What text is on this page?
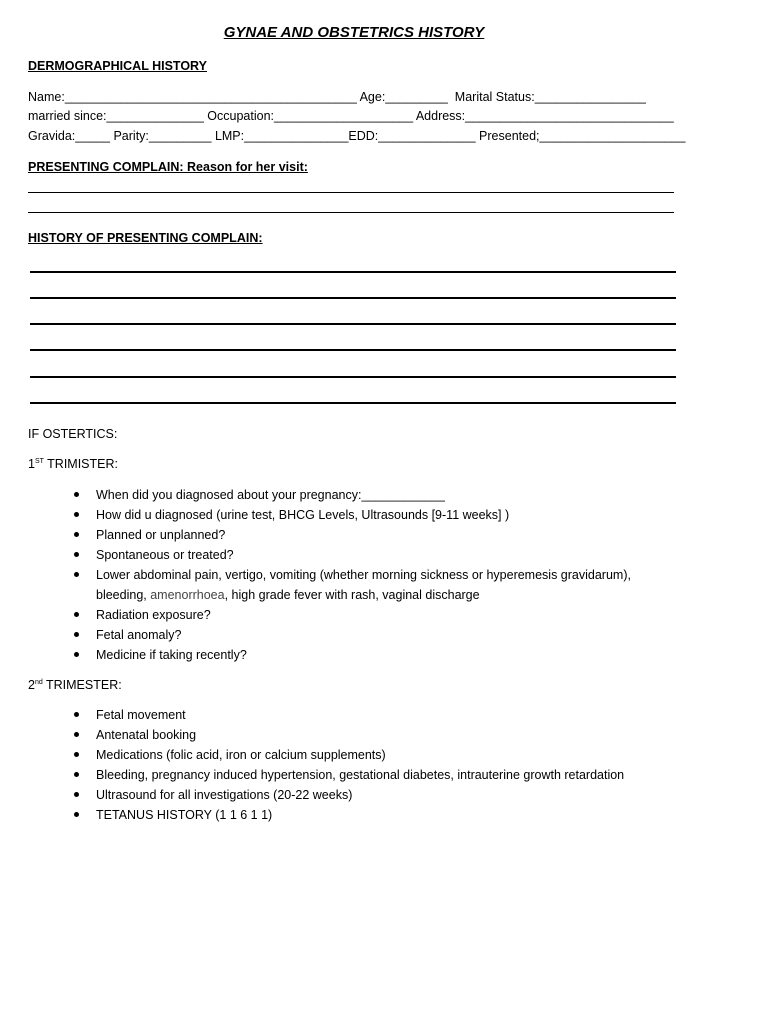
GYNAE AND OBSTETRICS HISTORY
DERMOGRAPHICAL HISTORY
Name:__________________________________________ Age:_________  Marital Status:________________
married since:______________ Occupation:____________________ Address:______________________________
Gravida:_____ Parity:_________ LMP:_______________EDD:______________ Presented;_____________________
PRESENTING COMPLAIN: Reason for her visit:
HISTORY OF PRESENTING COMPLAIN:
IF OSTERTICS:
1ST TRIMISTER:
When did you diagnosed about your pregnancy:____________
How did u diagnosed (urine test, BHCG Levels, Ultrasounds [9-11 weeks] )
Planned or unplanned?
Spontaneous or treated?
Lower abdominal pain, vertigo, vomiting (whether morning sickness or hyperemesis gravidarum),
bleeding, amenorrhoea, high grade fever with rash, vaginal discharge
Radiation exposure?
Fetal anomaly?
Medicine if taking recently?
2nd TRIMESTER:
Fetal movement
Antenatal booking
Medications (folic acid, iron or calcium supplements)
Bleeding, pregnancy induced hypertension, gestational diabetes, intrauterine growth retardation
Ultrasound for all investigations (20-22 weeks)
TETANUS HISTORY (1 1 6 1 1)
